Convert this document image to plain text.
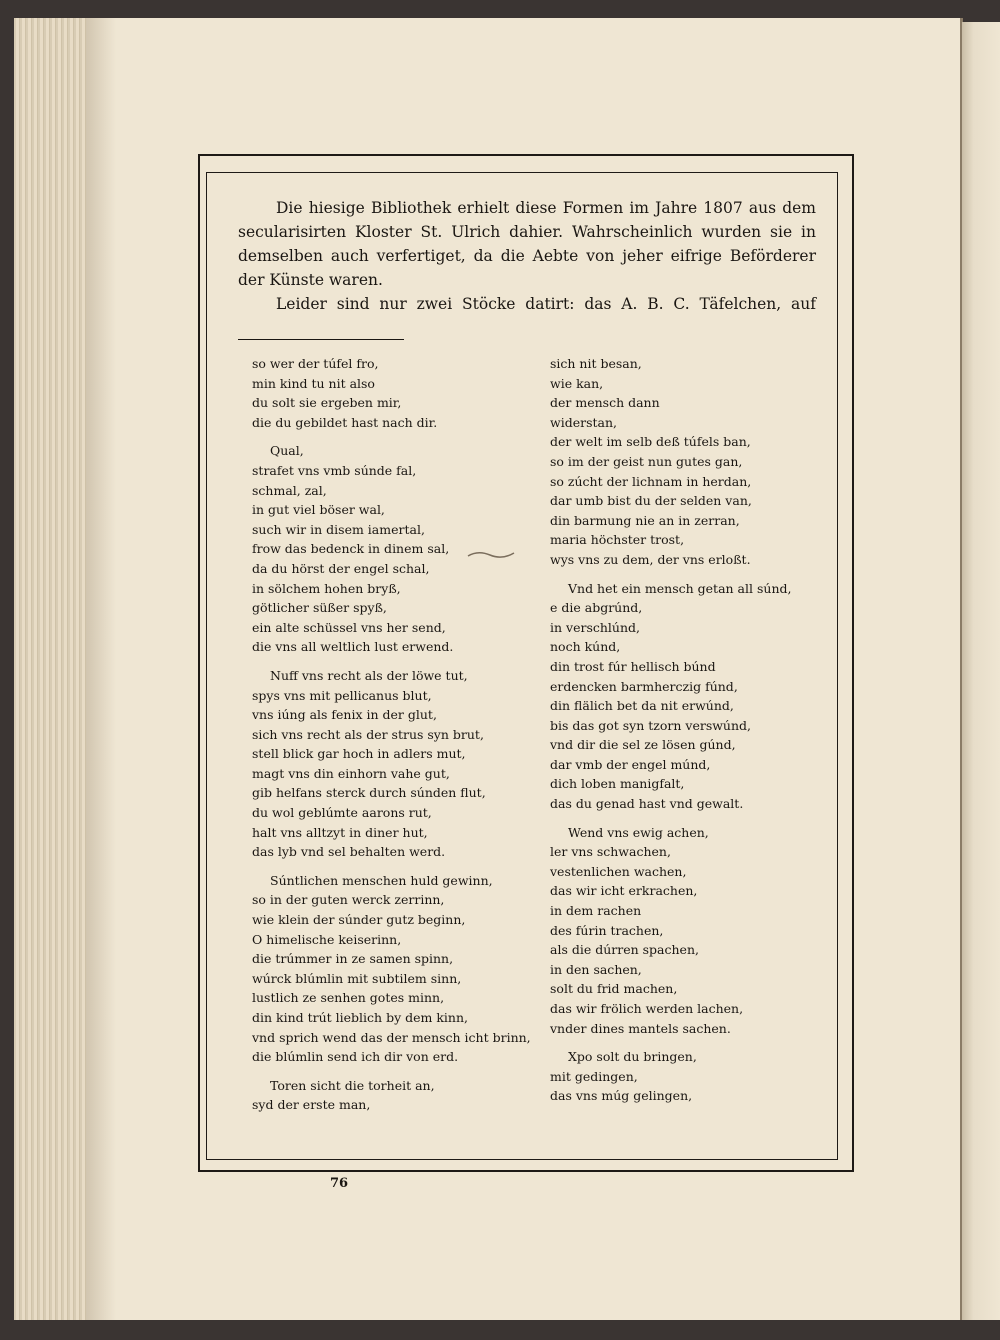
Die hiesige Bibliothek erhielt diese Formen im Jahre 1807 aus dem secularisirten Kloster St. Ulrich dahier. Wahrscheinlich wurden sie in demselben auch verfertiget, da die Aebte von jeher eifrige Beförderer der Künste waren.

Leider sind nur zwei Stöcke datirt: das A. B. C. Täfelchen, auf

so wer der túfel fro,
min kind tu nit also
du solt sie ergeben mir,
die du gebildet hast nach dir.
Qual,
strafet vns vmb súnde fal,
schmal, zal,
in gut viel böser wal,
such wir in disem iamertal,
frow das bedenck in dinem sal,
da du hörst der engel schal,
in sölchem hohen bryß,
götlicher süßer spyß,
ein alte schüssel vns her send,
die vns all weltlich lust erwend.
Nuff vns recht als der löwe tut,
spys vns mit pellicanus blut,
vns iúng als fenix in der glut,
sich vns recht als der strus syn brut,
stell blick gar hoch in adlers mut,
magt vns din einhorn vahe gut,
gib helfans sterck durch súnden flut,
du wol geblúmte aarons rut,
halt vns alltzyt in diner hut,
das lyb vnd sel behalten werd.
Súntlichen menschen huld gewinn,
so in der guten werck zerrinn,
wie klein der súnder gutz beginn,
O himelische keiserinn,
die trúmmer in ze samen spinn,
wúrck blúmlin mit subtilem sinn,
lustlich ze senhen gotes minn,
din kind trút lieblich by dem kinn,
vnd sprich wend das der mensch icht brinn,
die blúmlin send ich dir von erd.
Toren sicht die torheit an,
syd der erste man,
sich nit besan,
wie kan,
der mensch dann
widerstan,
der welt im selb deß túfels ban,
so im der geist nun gutes gan,
so zúcht der lichnam in herdan,
dar umb bist du der selden van,
din barmung nie an in zerran,
maria höchster trost,
wys vns zu dem, der vns erloßt.
Vnd het ein mensch getan all súnd,
e die abgrúnd,
in verschlúnd,
noch kúnd,
din trost fúr hellisch búnd
erdencken barmherczig fúnd,
din flälich bet da nit erwúnd,
bis das got syn tzorn verswúnd,
vnd dir die sel ze lösen gúnd,
dar vmb der engel múnd,
dich loben manigfalt,
das du genad hast vnd gewalt.
Wend vns ewig achen,
ler vns schwachen,
vestenlichen wachen,
das wir icht erkrachen,
in dem rachen
des fúrin trachen,
als die dúrren spachen,
in den sachen,
solt du frid machen,
das wir frölich werden lachen,
vnder dines mantels sachen.
Xpo solt du bringen,
mit gedingen,
das vns múg gelingen,
76
